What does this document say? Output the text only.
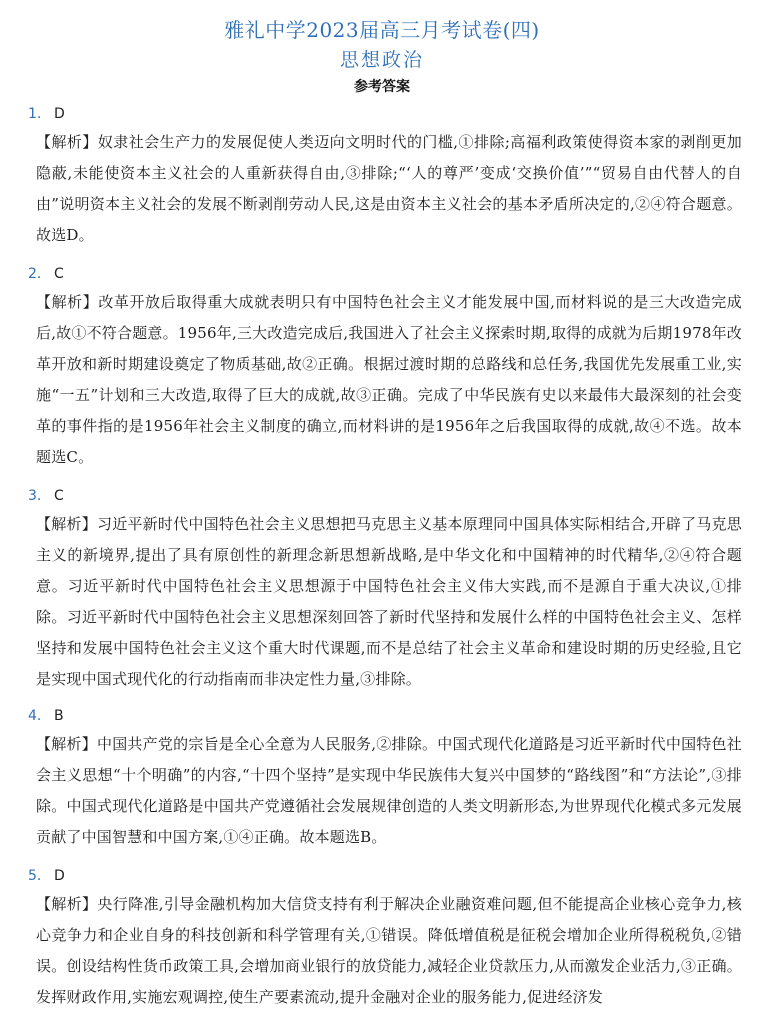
雅礼中学2023届高三月考试卷(四)
思想政治
参考答案
1. D

【解析】奴隶社会生产力的发展促使人类迈向文明时代的门槛,①排除;高福利政策使得资本家的剥削更加隐蔽,未能使资本主义社会的人重新获得自由,③排除;“‘人的尊严’变成‘交换价值’”“贸易自由代替人的自由”说明资本主义社会的发展不断剥削劳动人民,这是由资本主义社会的基本矛盾所决定的,②④符合题意。故选D。

2. C

【解析】改革开放后取得重大成就表明只有中国特色社会主义才能发展中国,而材料说的是三大改造完成后,故①不符合题意。1956年,三大改造完成后,我国进入了社会主义探索时期,取得的成就为后期1978年改革开放和新时期建设奠定了物质基础,故②正确。根据过渡时期的总路线和总任务,我国优先发展重工业,实施“一五”计划和三大改造,取得了巨大的成就,故③正确。完成了中华民族有史以来最伟大最深刻的社会变革的事件指的是1956年社会主义制度的确立,而材料讲的是1956年之后我国取得的成就,故④不选。故本题选C。

3. C

【解析】习近平新时代中国特色社会主义思想把马克思主义基本原理同中国具体实际相结合,开辟了马克思主义的新境界,提出了具有原创性的新理念新思想新战略,是中华文化和中国精神的时代精华,②④符合题意。习近平新时代中国特色社会主义思想源于中国特色社会主义伟大实践,而不是源自于重大决议,①排除。习近平新时代中国特色社会主义思想深刻回答了新时代坚持和发展什么样的中国特色社会主义、怎样坚持和发展中国特色社会主义这个重大时代课题,而不是总结了社会主义革命和建设时期的历史经验,且它是实现中国式现代化的行动指南而非决定性力量,③排除。

4. B

【解析】中国共产党的宗旨是全心全意为人民服务,②排除。中国式现代化道路是习近平新时代中国特色社会主义思想“十个明确”的内容,“十四个坚持”是实现中华民族伟大复兴中国梦的“路线图”和“方法论”,③排除。中国式现代化道路是中国共产党遵循社会发展规律创造的人类文明新形态,为世界现代化模式多元发展贡献了中国智慧和中国方案,①④正确。故本题选B。

5. D

【解析】央行降准,引导金融机构加大信贷支持有利于解决企业融资难问题,但不能提高企业核心竞争力,核心竞争力和企业自身的科技创新和科学管理有关,①错误。降低增值税是征税会增加企业所得税税负,②错误。创设结构性货币政策工具,会增加商业银行的放贷能力,减轻企业贷款压力,从而激发企业活力,③正确。发挥财政作用,实施宏观调控,使生产要素流动,提升金融对企业的服务能力,促进经济发
